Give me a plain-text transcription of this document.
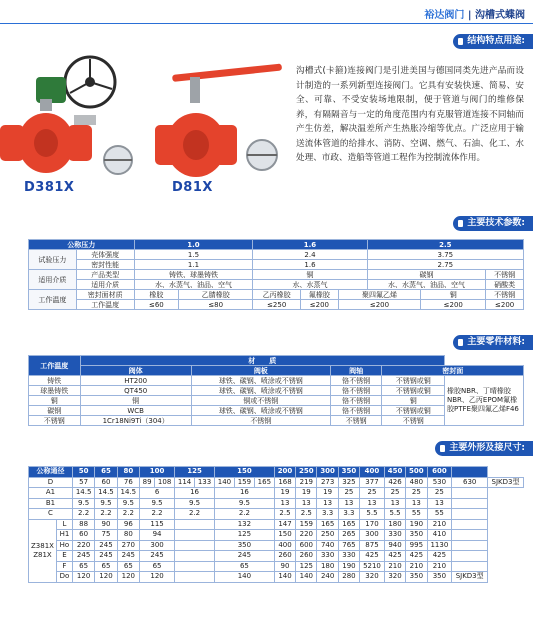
裕达阀门 | 沟槽式蝶阀
结构特点用途:
D381X	D81X
沟槽式(卡箍)连接阀门是引进美国与德国同类先进产品而设计制造的一系列新型连接阀门。它具有安装快速、简易、安全、可靠、不受安装场地限制，便于管道与阀门的维修保养，有隔隔音与一定的角度范围内有克服管道连接不同轴而产生仿差，解决温差所产生热胀冷缩等优点。广泛应用于输送流体管道的给排水、消防、空调、燃气、石油、化工、水处理、市政、造船等管道工程作为控制流体作用。
主要技术参数:
公称压力		1.0		1.6			2.5		
试验压力	壳体强度	1.5		2.4			3.75		
	密封性能	1.1		1.6			2.75		
适用介质	产品类型	铸铁、球墨铸铁		铜			碳钢		不锈钢
	适用介质	水、水蒸气、油品、空气		水、水蒸气			水、水蒸气、油品、空气		硝酸类
工作温度	密封面材质	橡胶	乙腈橡胶	乙丙橡胶	氟橡胶	聚四氟乙烯		铜	不锈钢
	工作温度	≤60	≤80	≤250	≤200	≤200		≤200	≤200
主要零件材料:
工作温度	材　　质				
	阀体	阀板	阀轴	密封面	
铸铁	HT200	球铁、碳钢、喷涂或不锈钢	铬不锈钢	不锈钢或铜	橡胶NBR、丁晴橡胶NBR、乙丙EPOM氟橡胶PTFE聚四氟乙烯F46
球墨铸铁	QT450	球铁、碳钢、喷涂或不锈钢	铬不锈钢	不锈钢或铜	
铜	铜	铜或不锈钢	铬不锈钢	铜	
碳钢	WCB	球铁、碳钢、喷涂或不锈钢	铬不锈钢	不锈钢或铜	
不锈钢	1Cr18Ni9Ti（304）	不锈钢	不锈钢	不锈钢	
主要外形及接尺寸:
公称通径		50	65	80	100		125		150			200	250	300	350	400	450	500	600		
D		57	60	76	89	108	114	133	140	159	165	168	219	273	325	377	426	480	530	630	SJKD3型
A1		14.5	14.5	14.5	6		16		16			19	19	19	25	25	25	25	25		
B1		9.5	9.5	9.5	9.5		9.5		9.5			13	13	13	13	13	13	13	13		
C		2.2	2.2	2.2	2.2		2.2		2.2			2.5	2.5	3.3	3.3	5.5	5.5	55	55		
Z381X
Z81X	L	88	90	96	115				132			147	159	165	165	170	180	190	210		
	H1	60	75	80	94				125			150	220	250	265	300	330	350	410		
	Ho	220	245	270	300				350			400	600	740	765	875	940	995	1130		
	E	245	245	245	245				245			260	260	330	330	425	425	425	425		
	F	65	65	65	65				65			90	125	180	190	5210	210	210	210		
	Do	120	120	120	120				140			140	140	240	280	320	320	350	350	SJKD3型	
